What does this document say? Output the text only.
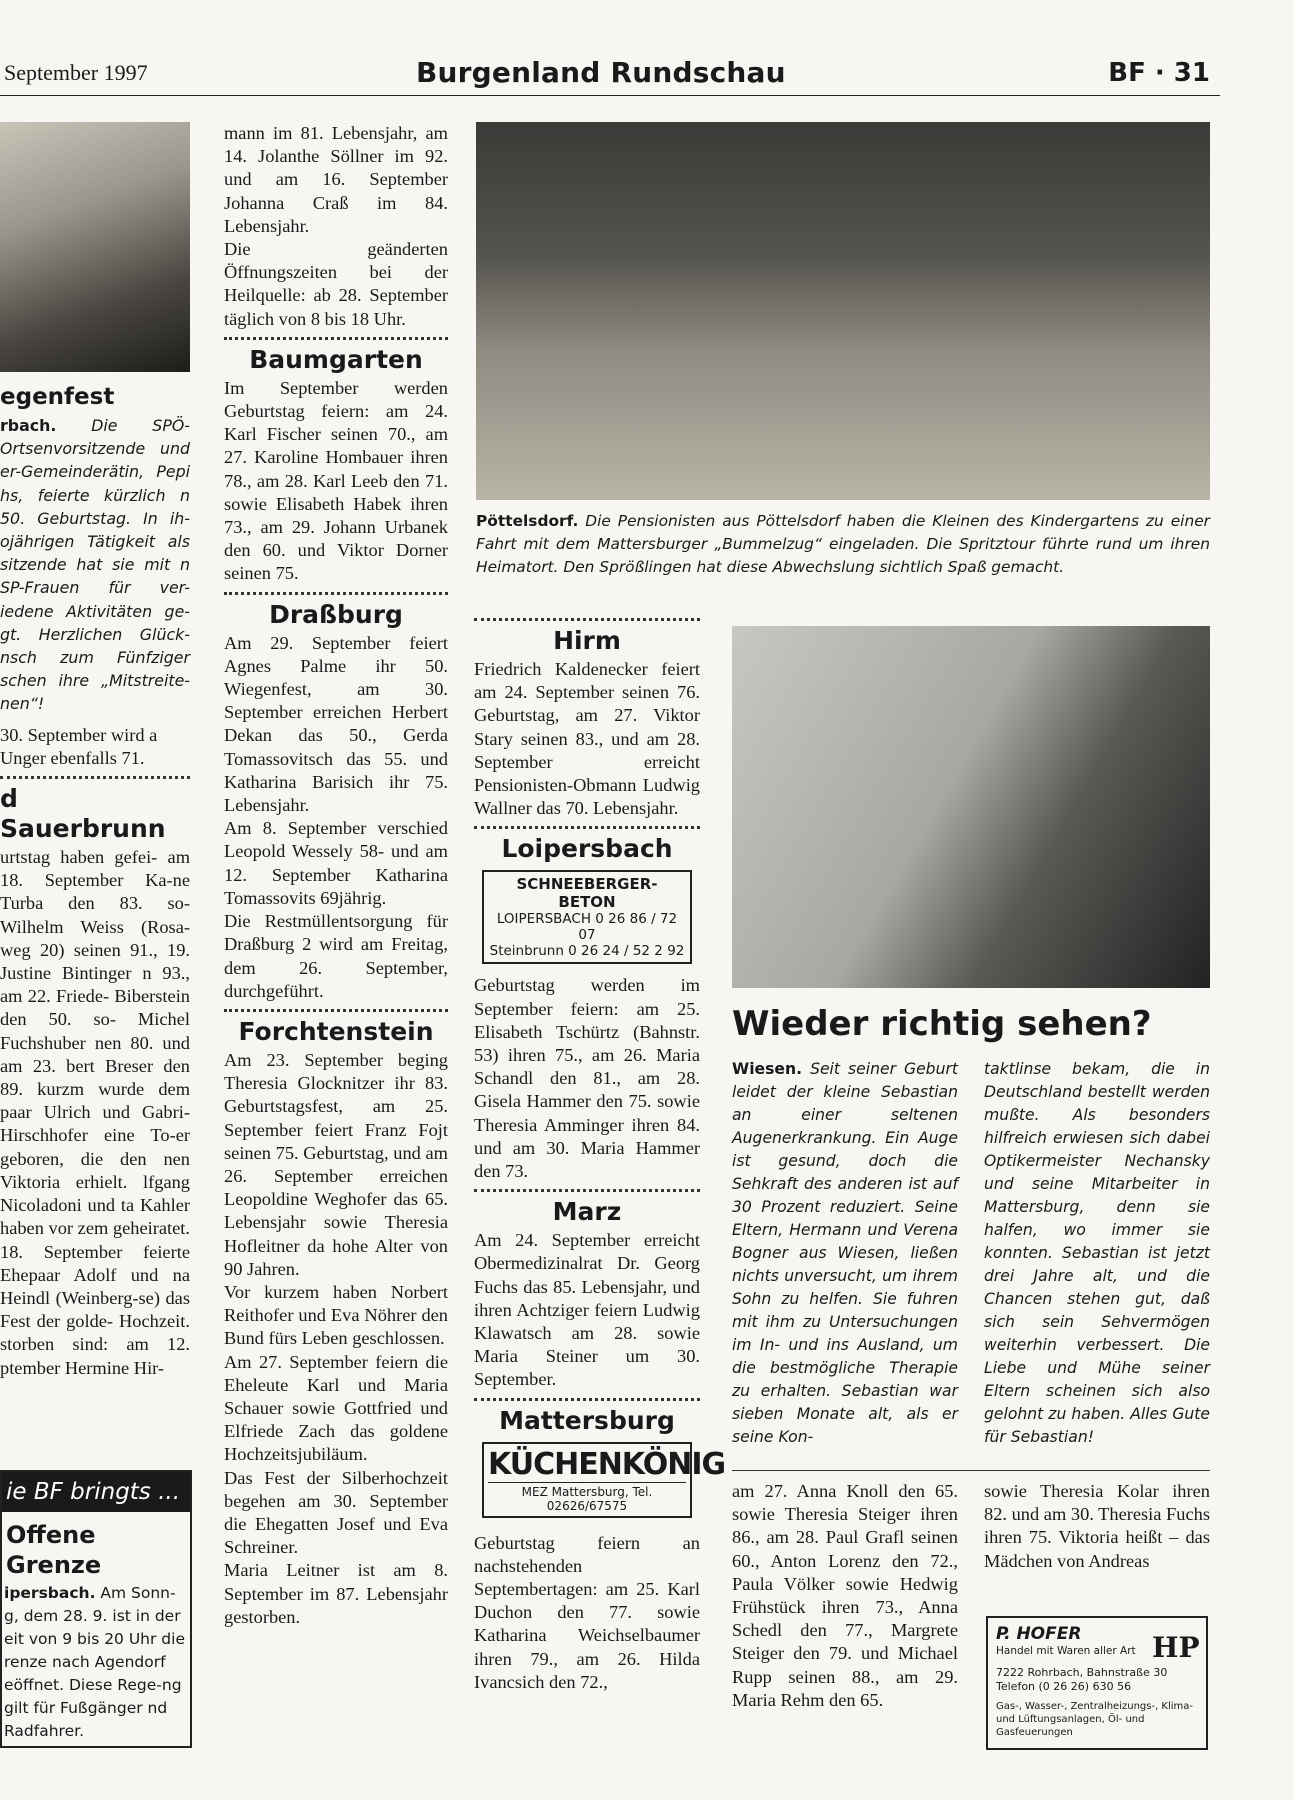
September 1997	Burgenland Rundschau	BF · 31
egenfest

rbach. Die SPÖ-Ortsenvorsitzende und er-Gemeinderätin, Pepi hs, feierte kürzlich n 50. Geburtstag. In ih-ojährigen Tätigkeit als sitzende hat sie mit n SP-Frauen für ver-iedene Aktivitäten ge-gt. Herzlichen Glück-nsch zum Fünfziger schen ihre „Mitstreite-nen“!

30. September wird a Unger ebenfalls 71.

d Sauerbrunn

urtstag haben gefei- am 18. September Ka-ne Turba den 83. so- Wilhelm Weiss (Rosa-weg 20) seinen 91., 19. Justine Bintinger n 93., am 22. Friede- Biberstein den 50. so- Michel Fuchshuber nen 80. und am 23. bert Breser den 89. kurzm wurde dem paar Ulrich und Gabri- Hirschhofer eine To-er geboren, die den nen Viktoria erhielt. lfgang Nicoladoni und ta Kahler haben vor zem geheiratet. 18. September feierte Ehepaar Adolf und na Heindl (Weinberg-se) das Fest der golde- Hochzeit. storben sind: am 12. ptember Hermine Hir-

ie BF bringts ...
Offene Grenze
ipersbach. Am Sonn-g, dem 28. 9. ist in der eit von 9 bis 20 Uhr die renze nach Agendorf eöffnet. Diese Rege-ng gilt für Fußgänger nd Radfahrer.

mann im 81. Lebensjahr, am 14. Jolanthe Söllner im 92. und am 16. September Johanna Craß im 84. Lebensjahr.

Die geänderten Öffnungszeiten bei der Heilquelle: ab 28. September täglich von 8 bis 18 Uhr.

Baumgarten

Im September werden Geburtstag feiern: am 24. Karl Fischer seinen 70., am 27. Karoline Hombauer ihren 78., am 28. Karl Leeb den 71. sowie Elisabeth Habek ihren 73., am 29. Johann Urbanek den 60. und Viktor Dorner seinen 75.

Draßburg

Am 29. September feiert Agnes Palme ihr 50. Wiegenfest, am 30. September erreichen Herbert Dekan das 50., Gerda Tomassovitsch das 55. und Katharina Barisich ihr 75. Lebensjahr.

Am 8. September verschied Leopold Wessely 58- und am 12. September Katharina Tomassovits 69jährig.

Die Restmüllentsorgung für Draßburg 2 wird am Freitag, dem 26. September, durchgeführt.

Forchtenstein

Am 23. September beging Theresia Glocknitzer ihr 83. Geburtstagsfest, am 25. September feiert Franz Fojt seinen 75. Geburtstag, und am 26. September erreichen Leopoldine Weghofer das 65. Lebensjahr sowie Theresia Hofleitner da hohe Alter von 90 Jahren.

Vor kurzem haben Norbert Reithofer und Eva Nöhrer den Bund fürs Leben geschlossen.

Am 27. September feiern die Eheleute Karl und Maria Schauer sowie Gottfried und Elfriede Zach das goldene Hochzeitsjubiläum.

Das Fest der Silberhochzeit begehen am 30. September die Ehegatten Josef und Eva Schreiner.

Maria Leitner ist am 8. September im 87. Lebensjahr gestorben.

Pöttelsdorf. Die Pensionisten aus Pöttelsdorf haben die Kleinen des Kindergartens zu einer Fahrt mit dem Mattersburger „Bummelzug“ eingeladen. Die Spritztour führte rund um ihren Heimatort. Den Sprößlingen hat diese Abwechslung sichtlich Spaß gemacht.
Hirm

Friedrich Kaldenecker feiert am 24. September seinen 76. Geburtstag, am 27. Viktor Stary seinen 83., und am 28. September erreicht Pensionisten-Obmann Ludwig Wallner das 70. Lebensjahr.

Loipersbach
SCHNEEBERGER-BETON
LOIPERSBACH 0 26 86 / 72 07
Steinbrunn 0 26 24 / 52 2 92

Geburtstag werden im September feiern: am 25. Elisabeth Tschürtz (Bahnstr. 53) ihren 75., am 26. Maria Schandl den 81., am 28. Gisela Hammer den 75. sowie Theresia Amminger ihren 84. und am 30. Maria Hammer den 73.

Marz

Am 24. September erreicht Obermedizinalrat Dr. Georg Fuchs das 85. Lebensjahr, und ihren Achtziger feiern Ludwig Klawatsch am 28. sowie Maria Steiner um 30. September.

Mattersburg
KÜCHENKÖNIG
MEZ Mattersburg, Tel. 02626/67575

Geburtstag feiern an nachstehenden Septembertagen: am 25. Karl Duchon den 77. sowie Katharina Weichselbaumer ihren 79., am 26. Hilda Ivancsich den 72.,

Wieder richtig sehen?
Wiesen. Seit seiner Geburt leidet der kleine Sebastian an einer seltenen Augenerkrankung. Ein Auge ist gesund, doch die Sehkraft des anderen ist auf 30 Prozent reduziert. Seine Eltern, Hermann und Verena Bogner aus Wiesen, ließen nichts unversucht, um ihrem Sohn zu helfen. Sie fuhren mit ihm zu Untersuchungen im In- und ins Ausland, um die bestmögliche Therapie zu erhalten. Sebastian war sieben Monate alt, als er seine Kon-
taktlinse bekam, die in Deutschland bestellt werden mußte. Als besonders hilfreich erwiesen sich dabei Optikermeister Nechansky und seine Mitarbeiter in Mattersburg, denn sie halfen, wo immer sie konnten. Sebastian ist jetzt drei Jahre alt, und die Chancen stehen gut, daß sich sein Sehvermögen weiterhin verbessert. Die Liebe und Mühe seiner Eltern scheinen sich also gelohnt zu haben. Alles Gute für Sebastian!
am 27. Anna Knoll den 65. sowie Theresia Steiger ihren 86., am 28. Paul Grafl seinen 60., Anton Lorenz den 72., Paula Völker sowie Hedwig Frühstück ihren 73., Anna Schedl den 77., Margrete Steiger den 79. und Michael Rupp seinen 88., am 29. Maria Rehm den 65.
sowie Theresia Kolar ihren 82. und am 30. Theresia Fuchs ihren 75. Viktoria heißt – das Mädchen von Andreas
HP
P. HOFER
Handel mit Waren aller Art
7222 Rohrbach, Bahnstraße 30
Telefon (0 26 26) 630 56
Gas-, Wasser-, Zentralheizungs-, Klima- und Lüftungsanlagen, Öl- und Gasfeuerungen
